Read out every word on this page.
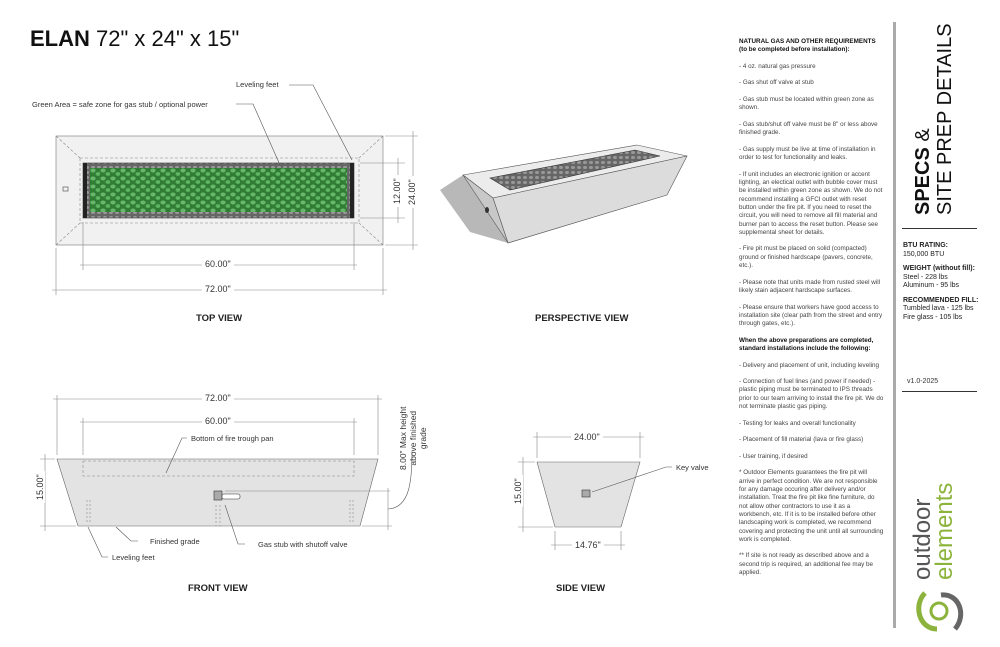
ELAN 72" x 24" x 15"
Leveling feet
Green Area = safe zone for gas stub / optional power
60.00"
72.00"
12.00" 24.00"
TOP VIEW	PERSPECTIVE VIEW
72.00"
60.00"
15.00"
Bottom of fire trough pan	8.00" Max height above finished grade
Finished grade
Leveling feet
Gas stub with shutoff valve
FRONT VIEW
24.00"
14.76"
15.00"
Key valve
SIDE VIEW

NATURAL GAS AND OTHER REQUIREMENTS (to be completed before installation):

- 4 oz. natural gas pressure

- Gas shut off valve at stub

- Gas stub must be located within green zone as shown.

- Gas stub/shut off valve must be 8" or less above finished grade.

- Gas supply must be live at time of installation in order to test for functionality and leaks.

- If unit includes an electronic ignition or accent lighting, an electical outlet with bubble cover must be installed within green zone as shown. We do not recommend installing a GFCI outlet with reset button under the fire pit. If you need to reset the circuit, you will need to remove all fill material and burner pan to access the reset button. Please see supplemental sheet for details.

- Fire pit must be placed on solid (compacted) ground or finished hardscape (pavers, concrete, etc.).

- Please note that units made from rusted steel will likely stain adjacent hardscape surfaces.

- Please ensure that workers have good access to installation site (clear path from the street and entry through gates, etc.).

When the above preparations are completed, standard installations include the following:

- Delivery and placement of unit, including leveling

- Connection of fuel lines (and power if needed) - plastic piping must be terminated to IPS threads prior to our team arriving to install the fire pit. We do not terminate plastic gas piping.

- Testing for leaks and overall functionality

- Placement of fill material (lava or fire glass)

- User training, if desired

* Outdoor Elements guarantees the fire pit will arrive in perfect condition. We are not responsible for any damage occuring after delivery and/or installation. Treat the fire pit like fine furniture, do not allow other contractors to use it as a workbench, etc. If it is to be installed before other landscaping work is completed, we recommend covering and protecting the unit until all surrounding work is completed.

** If site is not ready as described above and a second trip is required, an additional fee may be applied.

SPECS & SITE PREP DETAILS
BTU RATING:
150,000 BTU
WEIGHT (without fill):
Steel - 228 lbs
Aluminum - 95 lbs
RECOMMENDED FILL:
Tumbled lava - 125 lbs
Fire glass - 105 lbs
v1.0-2025
outdoor
elements
